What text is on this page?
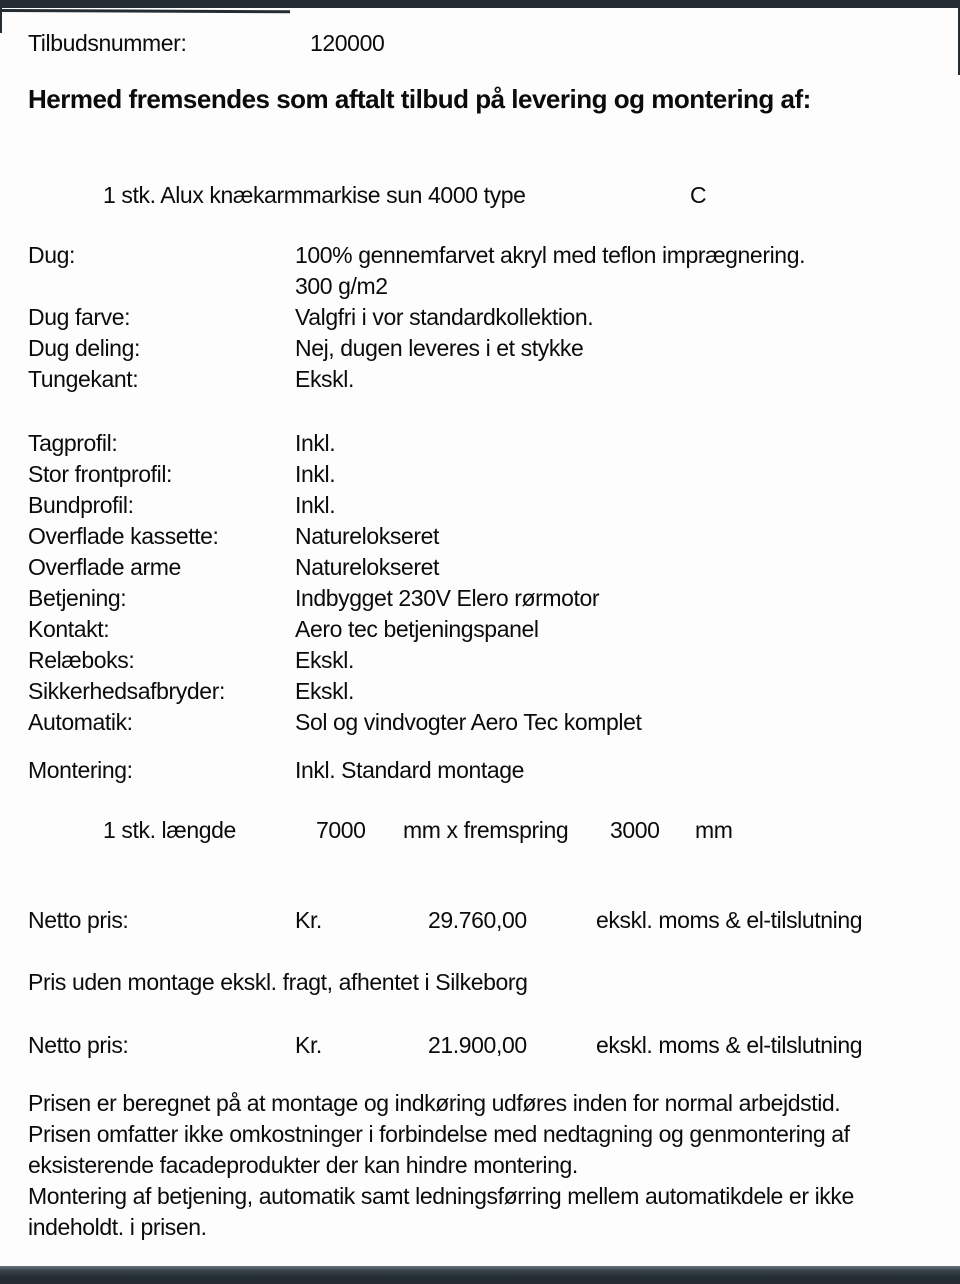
Tilbudsnummer:	120000
Hermed fremsendes som aftalt tilbud på levering og montering af:
1 stk. Alux knækarmmarkise sun 4000 type	C
Dug:	100% gennemfarvet akryl med teflon imprægnering.
300 g/m2
Dug farve:	Valgfri i vor standardkollektion.
Dug deling:	Nej, dugen leveres i et stykke
Tungekant:	Ekskl.
Tagprofil:	Inkl.
Stor frontprofil:	Inkl.
Bundprofil:	Inkl.
Overflade kassette:	Naturelokseret
Overflade arme	Naturelokseret
Betjening:	Indbygget 230V Elero rørmotor
Kontakt:	Aero tec betjeningspanel
Relæboks:	Ekskl.
Sikkerhedsafbryder:	Ekskl.
Automatik:	Sol og vindvogter Aero Tec komplet
Montering:	Inkl. Standard montage
1 stk. længde	7000 mm x fremspring 3000 mm
Netto pris:	Kr.	29.760,00	ekskl. moms & el-tilslutning
Pris uden montage ekskl. fragt, afhentet i Silkeborg
Netto pris:	Kr.	21.900,00	ekskl. moms & el-tilslutning
Prisen er beregnet på at montage og indkøring udføres inden for normal arbejdstid.
Prisen omfatter ikke omkostninger i forbindelse med nedtagning og genmontering af
eksisterende facadeprodukter der kan hindre montering.
Montering af betjening, automatik samt ledningsførring mellem automatikdele er ikke
indeholdt. i prisen.
